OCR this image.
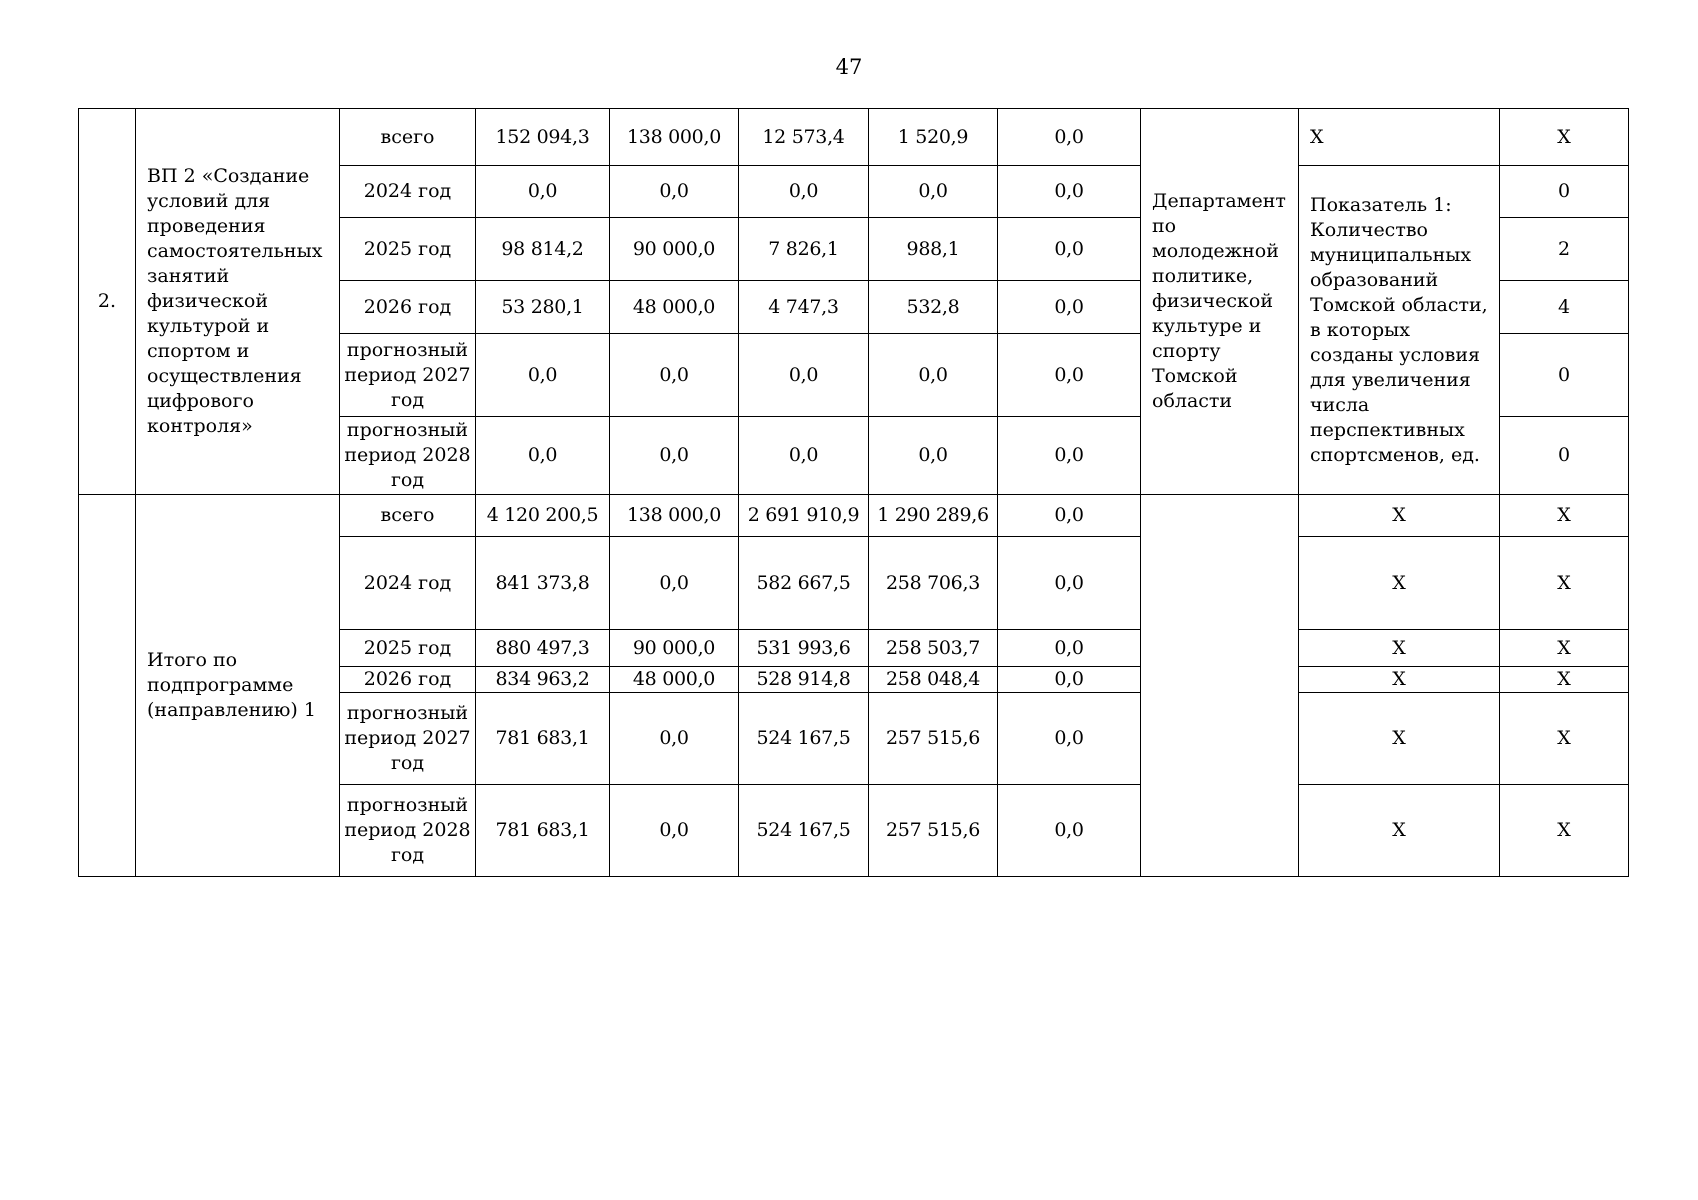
47
2.	ВП 2 «Создание условий для проведения самостоятельных занятий физической культурой и спортом и осуществления цифрового контроля»	всего	152 094,3	138 000,0	12 573,4	1 520,9	0,0	Департамент по молодежной политике, физической культуре и спорту Томской области	X	X
		2024 год	0,0	0,0	0,0	0,0	0,0		Показатель 1: Количество муниципальных образований Томской области, в которых созданы условия для увеличения числа перспективных спортсменов, ед.	0
		2025 год	98 814,2	90 000,0	7 826,1	988,1	0,0			2
		2026 год	53 280,1	48 000,0	4 747,3	532,8	0,0			4
		прогнозный период 2027 год	0,0	0,0	0,0	0,0	0,0			0
		прогнозный период 2028 год	0,0	0,0	0,0	0,0	0,0			0
	Итого по подпрограмме (направлению) 1	всего	4 120 200,5	138 000,0	2 691 910,9	1 290 289,6	0,0		X	X
		2024 год	841 373,8	0,0	582 667,5	258 706,3	0,0		X	X
		2025 год	880 497,3	90 000,0	531 993,6	258 503,7	0,0		X	X
		2026 год	834 963,2	48 000,0	528 914,8	258 048,4	0,0		X	X
		прогнозный период 2027 год	781 683,1	0,0	524 167,5	257 515,6	0,0		X	X
		прогнозный период 2028 год	781 683,1	0,0	524 167,5	257 515,6	0,0		X	X
